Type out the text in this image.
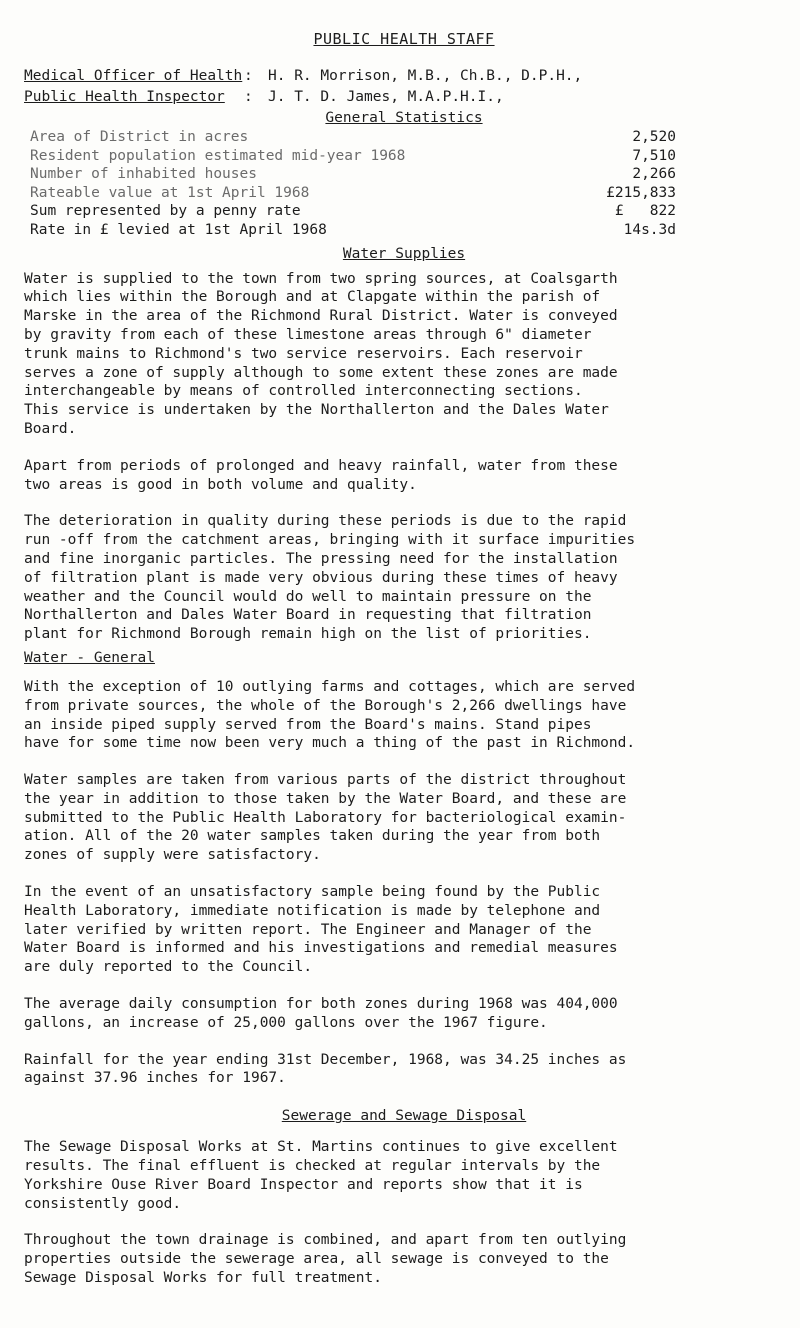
PUBLIC HEALTH STAFF
Medical Officer of Health :	H. R. Morrison, M.B., Ch.B., D.P.H.,
Public Health Inspector	:	J. T. D. James, M.A.P.H.I.,
General Statistics
Area of District in acres	2,520
Resident population estimated mid-year 1968	7,510
Number of inhabited houses	2,266
Rateable value at 1st April 1968	£215,833
Sum represented by a penny rate	£   822
Rate in £ levied at 1st April 1968	14s.3d
Water Supplies

Water is supplied to the town from two spring sources, at Coalsgarth
which lies within the Borough and at Clapgate within the parish of
Marske in the area of the Richmond Rural District. Water is conveyed
by gravity from each of these limestone areas through 6" diameter
trunk mains to Richmond's two service reservoirs. Each reservoir
serves a zone of supply although to some extent these zones are made
interchangeable by means of controlled interconnecting sections.
This service is undertaken by the Northallerton and the Dales Water
Board.

Apart from periods of prolonged and heavy rainfall, water from these
two areas is good in both volume and quality.

The deterioration in quality during these periods is due to the rapid
run -off from the catchment areas, bringing with it surface impurities
and fine inorganic particles. The pressing need for the installation
of filtration plant is made very obvious during these times of heavy
weather and the Council would do well to maintain pressure on the
Northallerton and Dales Water Board in requesting that filtration
plant for Richmond Borough remain high on the list of priorities.

Water - General

With the exception of 10 outlying farms and cottages, which are served
from private sources, the whole of the Borough's 2,266 dwellings have
an inside piped supply served from the Board's mains. Stand pipes
have for some time now been very much a thing of the past in Richmond.

Water samples are taken from various parts of the district throughout
the year in addition to those taken by the Water Board, and these are
submitted to the Public Health Laboratory for bacteriological examin-
ation. All of the 20 water samples taken during the year from both
zones of supply were satisfactory.

In the event of an unsatisfactory sample being found by the Public
Health Laboratory, immediate notification is made by telephone and
later verified by written report. The Engineer and Manager of the
Water Board is informed and his investigations and remedial measures
are duly reported to the Council.

The average daily consumption for both zones during 1968 was 404,000
gallons, an increase of 25,000 gallons over the 1967 figure.

Rainfall for the year ending 31st December, 1968, was 34.25 inches as
against 37.96 inches for 1967.

Sewerage and Sewage Disposal

The Sewage Disposal Works at St. Martins continues to give excellent
results. The final effluent is checked at regular intervals by the
Yorkshire Ouse River Board Inspector and reports show that it is
consistently good.

Throughout the town drainage is combined, and apart from ten outlying
properties outside the sewerage area, all sewage is conveyed to the
Sewage Disposal Works for full treatment.
